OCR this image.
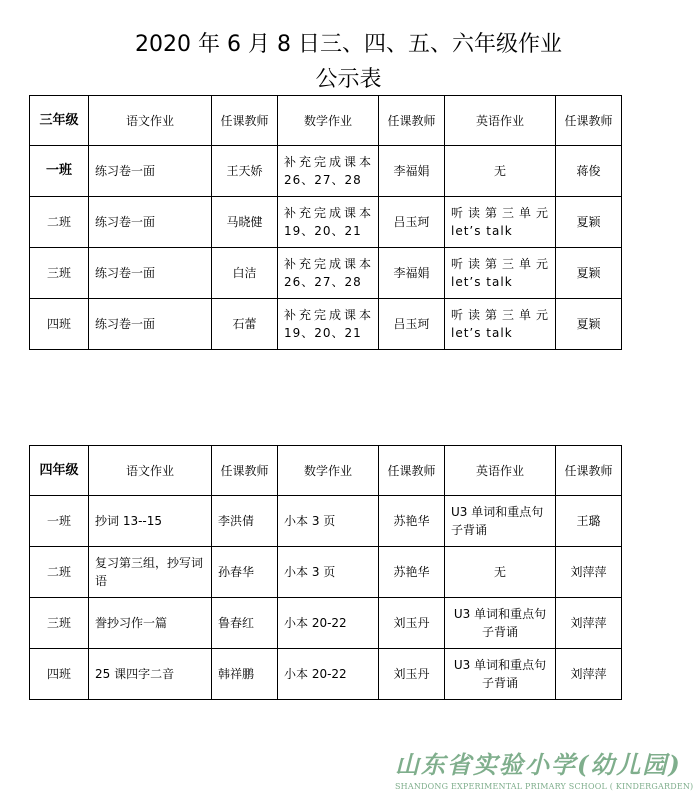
2020 年 6 月 8 日三、四、五、六年级作业
公示表
三年级	语文作业	任课教师	数学作业	任课教师	英语作业	任课教师
一班	练习卷一面	王天娇	补充完成课本 26、27、28	李福娟	无	蒋俊
二班	练习卷一面	马晓健	补充完成课本 19、20、21	吕玉珂	听读第三单元 let’s talk	夏颖
三班	练习卷一面	白洁	补充完成课本 26、27、28	李福娟	听读第三单元 let’s talk	夏颖
四班	练习卷一面	石蕾	补充完成课本 19、20、21	吕玉珂	听读第三单元 let’s talk	夏颖
四年级	语文作业	任课教师	数学作业	任课教师	英语作业	任课教师
一班	抄词 13--15	李洪倩	小本 3 页	苏艳华	U3 单词和重点句子背诵	王璐
二班	复习第三组，抄写词语	孙春华	小本 3 页	苏艳华	无	刘萍萍
三班	誊抄习作一篇	鲁春红	小本 20-22	刘玉丹	U3 单词和重点句子背诵	刘萍萍
四班	25 课四字二音	韩祥鹏	小本 20-22	刘玉丹	U3 单词和重点句子背诵	刘萍萍
山东省实验小学(幼儿园)
SHANDONG EXPERIMENTAL PRIMARY SCHOOL ( KINDERGARDEN)
